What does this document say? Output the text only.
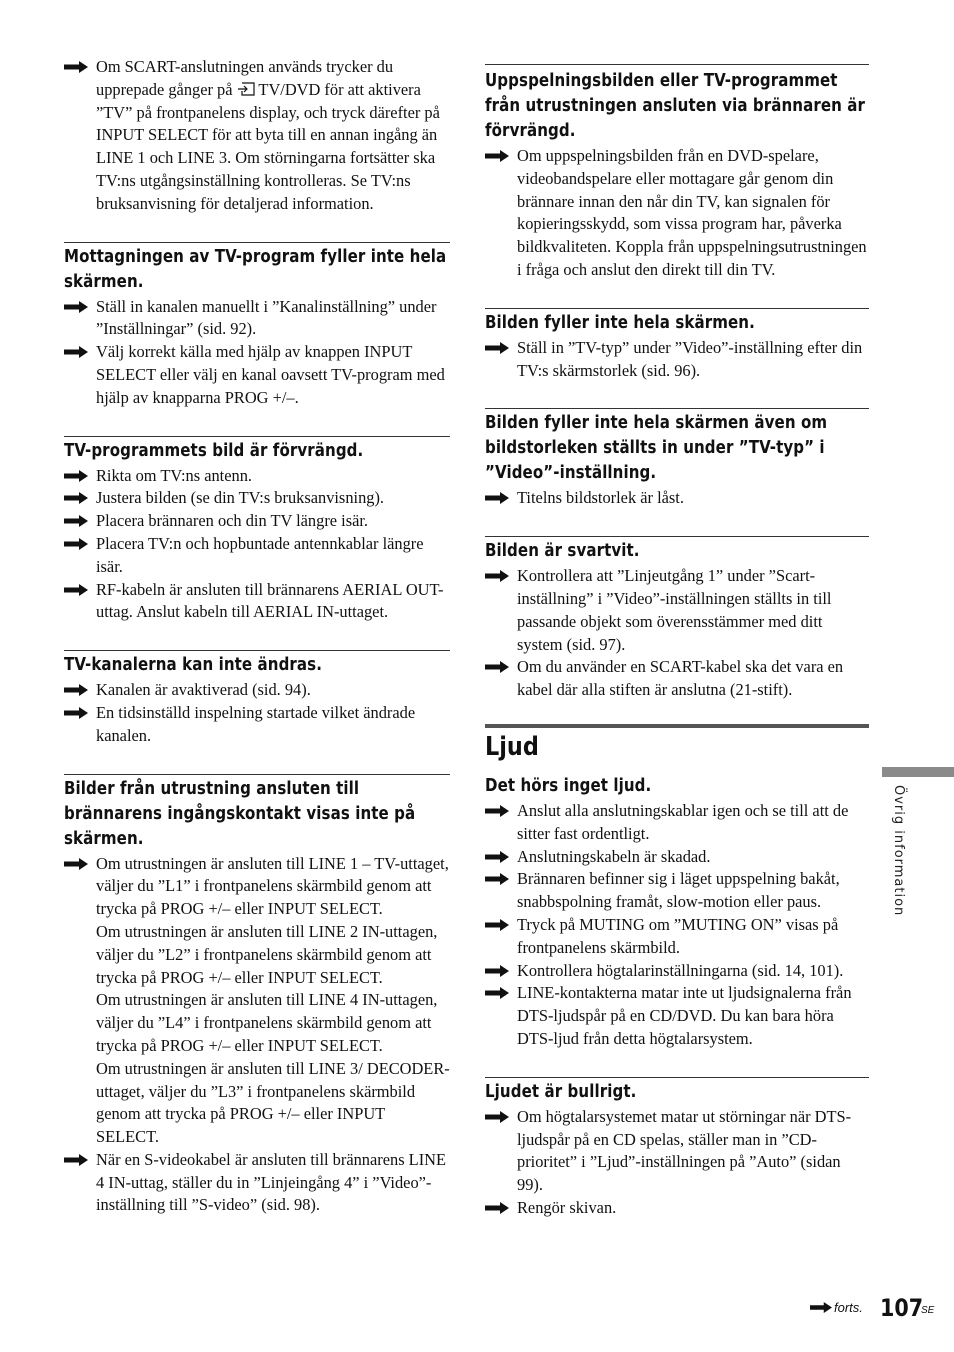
Om SCART-anslutningen används trycker du upprepade gånger på  TV/DVD för att aktivera ”TV” på frontpanelens display, och tryck därefter på INPUT SELECT för att byta till en annan ingång än LINE 1 och LINE 3. Om störningarna fortsätter ska TV:ns utgångsinställning kontrolleras. Se TV:ns bruksanvisning för detaljerad information.

Mottagningen av TV-program fyller inte hela skärmen.

Ställ in kanalen manuellt i ”Kanalinställning” under ”Inställningar” (sid. 92).

Välj korrekt källa med hjälp av knappen INPUT SELECT eller välj en kanal oavsett TV-program med hjälp av knapparna PROG +/–.

TV-programmets bild är förvrängd.

Rikta om TV:ns antenn.

Justera bilden (se din TV:s bruksanvisning).

Placera brännaren och din TV längre isär.

Placera TV:n och hopbuntade antennkablar längre isär.

RF-kabeln är ansluten till brännarens AERIAL OUT-uttag. Anslut kabeln till AERIAL IN-uttaget.

TV-kanalerna kan inte ändras.

Kanalen är avaktiverad (sid. 94).

En tidsinställd inspelning startade vilket ändrade kanalen.

Bilder från utrustning ansluten till brännarens ingångskontakt visas inte på skärmen.

Om utrustningen är ansluten till LINE 1 – TV-uttaget, väljer du ”L1” i frontpanelens skärmbild genom att trycka på PROG +/– eller INPUT SELECT.

Om utrustningen är ansluten till LINE 2 IN-uttagen, väljer du ”L2” i frontpanelens skärmbild genom att trycka på PROG +/– eller INPUT SELECT.

Om utrustningen är ansluten till LINE 4 IN-uttagen, väljer du ”L4” i frontpanelens skärmbild genom att trycka på PROG +/– eller INPUT SELECT.

Om utrustningen är ansluten till LINE 3/ DECODER-uttaget, väljer du ”L3” i frontpanelens skärmbild genom att trycka på PROG +/– eller INPUT SELECT.

När en S-videokabel är ansluten till brännarens LINE 4 IN-uttag, ställer du in ”Linjeingång 4” i ”Video”-inställning till ”S-video” (sid. 98).

Uppspelningsbilden eller TV-programmet från utrustningen ansluten via brännaren är förvrängd.

Om uppspelningsbilden från en DVD-spelare, videobandspelare eller mottagare går genom din brännare innan den når din TV, kan signalen för kopieringsskydd, som vissa program har, påverka bildkvaliteten. Koppla från uppspelningsutrustningen i fråga och anslut den direkt till din TV.

Bilden fyller inte hela skärmen.

Ställ in ”TV-typ” under ”Video”-inställning efter din TV:s skärmstorlek (sid. 96).

Bilden fyller inte hela skärmen även om bildstorleken ställts in under ”TV-typ” i ”Video”-inställning.

Titelns bildstorlek är låst.

Bilden är svartvit.

Kontrollera att ”Linjeutgång 1” under ”Scart-inställning” i ”Video”-inställningen ställts in till passande objekt som överensstämmer med ditt system (sid. 97).

Om du använder en SCART-kabel ska det vara en kabel där alla stiften är anslutna (21-stift).

Ljud
Det hörs inget ljud.

Anslut alla anslutningskablar igen och se till att de sitter fast ordentligt.

Anslutningskabeln är skadad.

Brännaren befinner sig i läget uppspelning bakåt, snabbspolning framåt, slow-motion eller paus.

Tryck på MUTING om ”MUTING ON” visas på frontpanelens skärmbild.

Kontrollera högtalarinställningarna (sid. 14, 101).

LINE-kontakterna matar inte ut ljudsignalerna från DTS-ljudspår på en CD/DVD. Du kan bara höra DTS-ljud från detta högtalarsystem.

Ljudet är bullrigt.

Om högtalarsystemet matar ut störningar när DTS-ljudspår på en CD spelas, ställer man in ”CD-prioritet” i ”Ljud”-inställningen på ”Auto” (sidan 99).

Rengör skivan.

Övrig information
forts. 107
SE
